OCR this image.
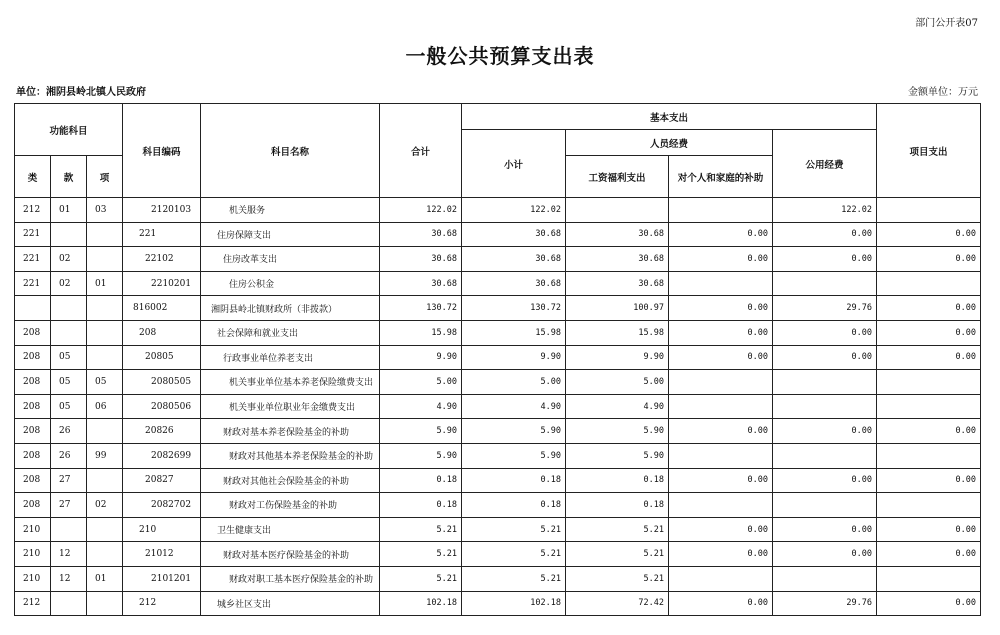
部门公开表07
一般公共预算支出表
单位：湘阴县岭北镇人民政府	金额单位：万元
功能科目			科目编码	科目名称	合计	基本支出				项目支出
						小计	人员经费		公用经费	
类	款	项					工资福利支出	对个人和家庭的补助		
212	01	03	2120103	机关服务	122.02	122.02			122.02	
221			221	住房保障支出	30.68	30.68	30.68	0.00	0.00	0.00
221	02		22102	住房改革支出	30.68	30.68	30.68	0.00	0.00	0.00
221	02	01	2210201	住房公积金	30.68	30.68	30.68			
			816002	湘阴县岭北镇财政所（非拨款）	130.72	130.72	100.97	0.00	29.76	0.00
208			208	社会保障和就业支出	15.98	15.98	15.98	0.00	0.00	0.00
208	05		20805	行政事业单位养老支出	9.90	9.90	9.90	0.00	0.00	0.00
208	05	05	2080505	机关事业单位基本养老保险缴费支出	5.00	5.00	5.00			
208	05	06	2080506	机关事业单位职业年金缴费支出	4.90	4.90	4.90			
208	26		20826	财政对基本养老保险基金的补助	5.90	5.90	5.90	0.00	0.00	0.00
208	26	99	2082699	财政对其他基本养老保险基金的补助	5.90	5.90	5.90			
208	27		20827	财政对其他社会保险基金的补助	0.18	0.18	0.18	0.00	0.00	0.00
208	27	02	2082702	财政对工伤保险基金的补助	0.18	0.18	0.18			
210			210	卫生健康支出	5.21	5.21	5.21	0.00	0.00	0.00
210	12		21012	财政对基本医疗保险基金的补助	5.21	5.21	5.21	0.00	0.00	0.00
210	12	01	2101201	财政对职工基本医疗保险基金的补助	5.21	5.21	5.21			
212			212	城乡社区支出	102.18	102.18	72.42	0.00	29.76	0.00
